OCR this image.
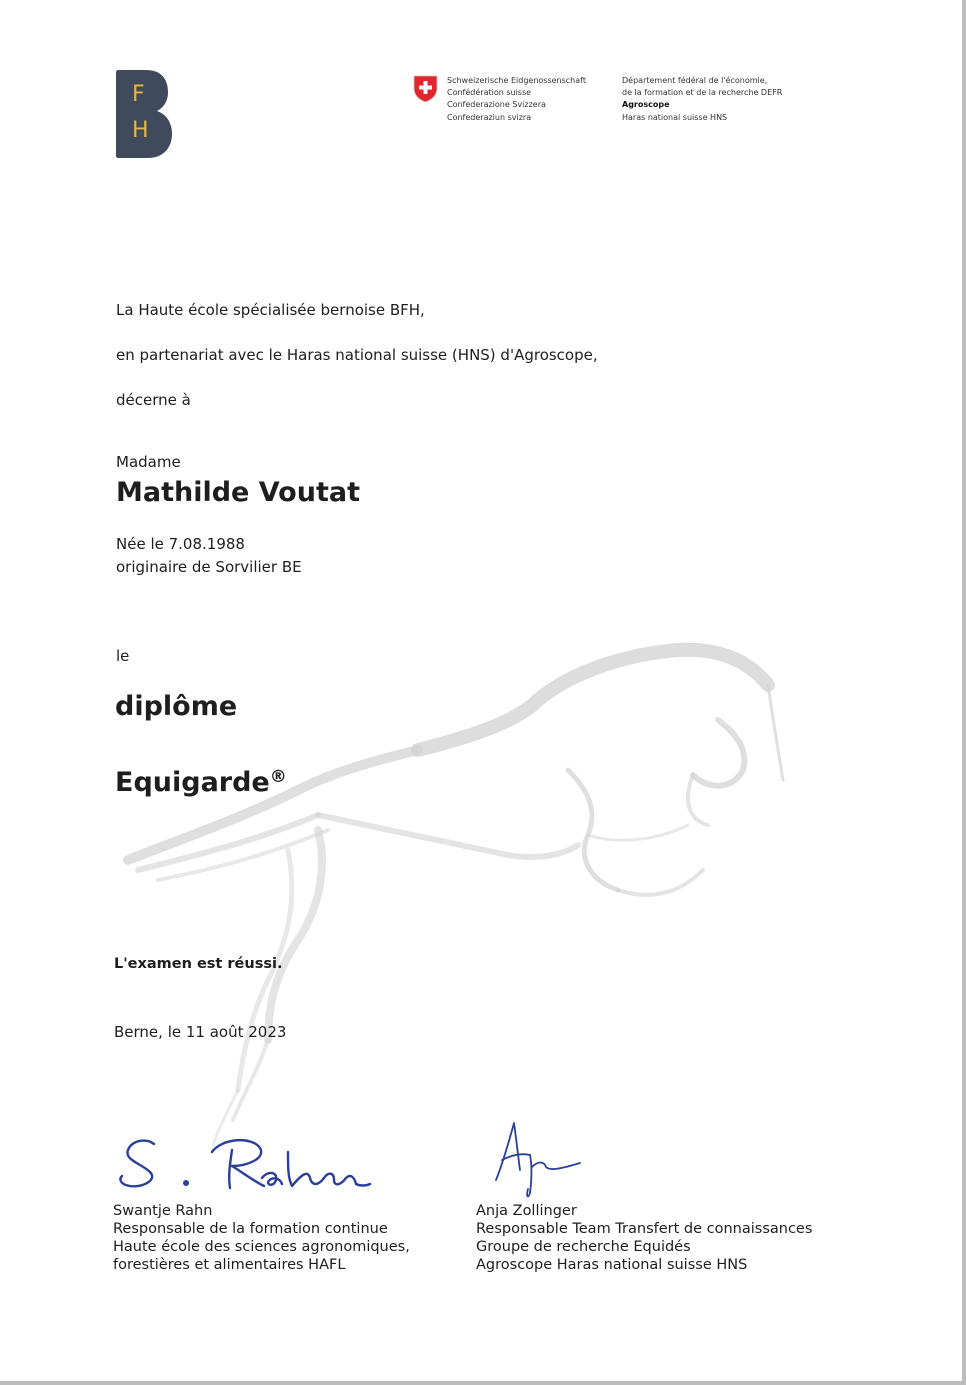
F
H
Schweizerische Eidgenossenschaft
Confédération suisse
Confederazione Svizzera
Confederaziun svizra
Département fédéral de l'économie,
de la formation et de la recherche DEFR
Agroscope
Haras national suisse HNS
La Haute école spécialisée bernoise BFH,
en partenariat avec le Haras national suisse (HNS) d'Agroscope,
décerne à
Madame
Mathilde Voutat
Née le 7.08.1988
originaire de Sorvilier BE
le
diplôme
Equigarde®
L'examen est réussi.
Berne, le 11 août 2023
Swantje Rahn
Responsable de la formation continue
Haute école des sciences agronomiques,
forestières et alimentaires HAFL
Anja Zollinger
Responsable Team Transfert de connaissances
Groupe de recherche Equidés
Agroscope Haras national suisse HNS
